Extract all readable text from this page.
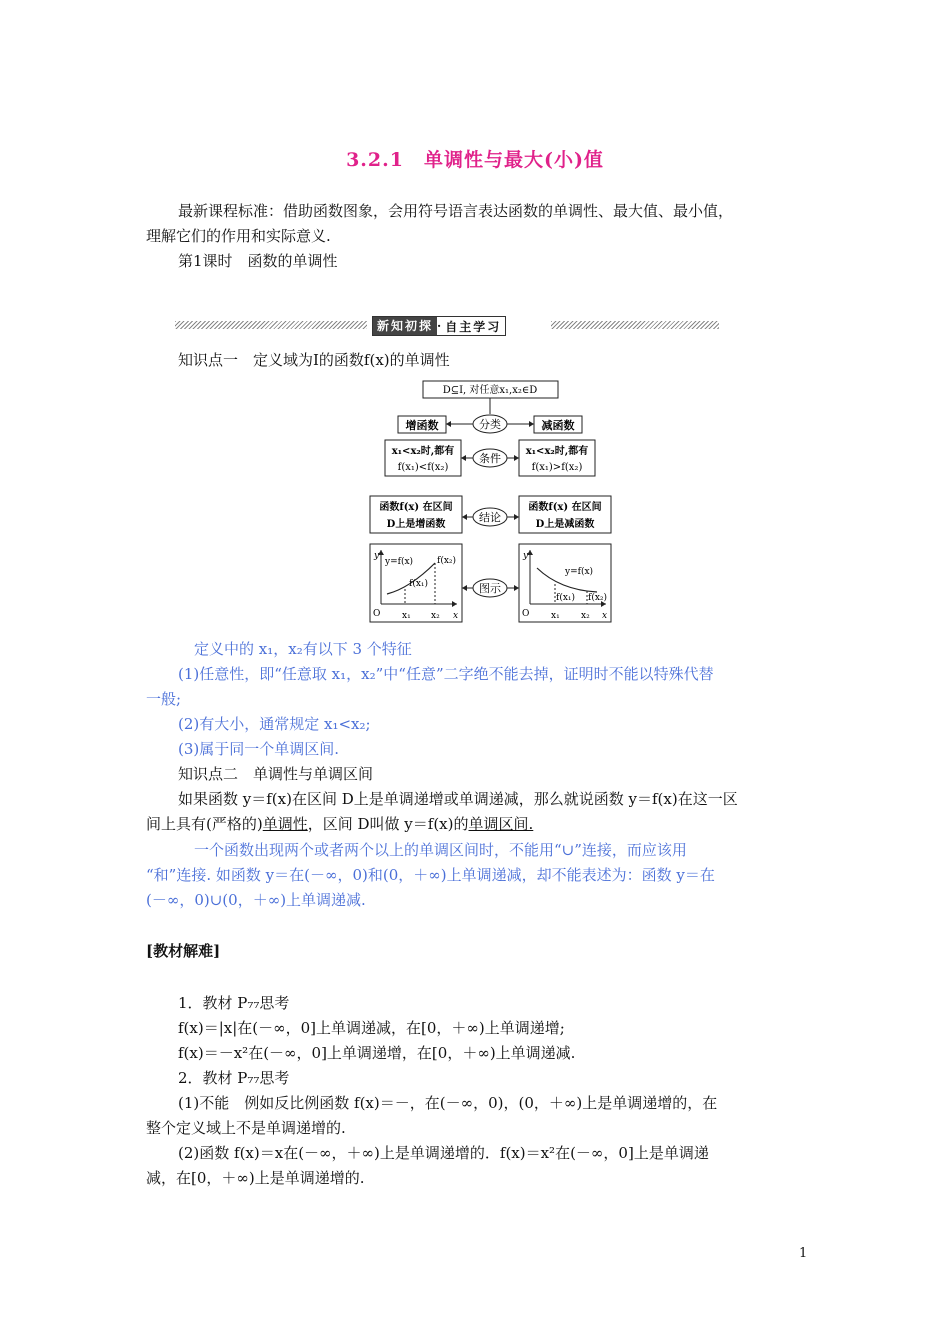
3.2.1　单调性与最大(小)值
最新课程标准：借助函数图象，会用符号语言表达函数的单调性、最大值、最小值，
理解它们的作用和实际意义.
第1课时　函数的单调性
新知初探 · 自主学习
知识点一　定义域为I的函数f(x)的单调性
D⊆I, 对任意x₁,x₂∈D
增函数	分类	减函数
x₁<x₂时,都有
f(x₁)<f(x₂)
条件
x₁<x₂时,都有
f(x₁)>f(x₂)
函数f(x) 在区间
D上是增函数
结论
函数f(x) 在区间
D上是减函数
y
x
O
y=f(x)	f(x₂)
f(x₁)
x₁ x₂
图示
y
x
O
y=f(x)
f(x₁) f(x₂)
x₁ x₂
定义中的 x₁，x₂有以下 3 个特征
(1)任意性，即“任意取 x₁，x₂”中“任意”二字绝不能去掉，证明时不能以特殊代替
一般;
(2)有大小，通常规定 x₁<x₂;
(3)属于同一个单调区间.
知识点二　单调性与单调区间
如果函数 y＝f(x)在区间 D上是单调递增或单调递减，那么就说函数 y＝f(x)在这一区
间上具有(严格的)单调性，区间 D叫做 y＝f(x)的单调区间.
一个函数出现两个或者两个以上的单调区间时，不能用“∪”连接，而应该用
“和”连接. 如函数 y＝在(－∞，0)和(0，＋∞)上单调递减，却不能表述为：函数 y＝在
(－∞，0)∪(0，＋∞)上单调递减.
[教材解难]
1．教材 P₇₇思考
f(x)＝|x|在(－∞，0]上单调递减，在[0，＋∞)上单调递增;
f(x)＝－x²在(－∞，0]上单调递增，在[0，＋∞)上单调递减.
2．教材 P₇₇思考
(1)不能　例如反比例函数 f(x)＝－，在(－∞，0)，(0，＋∞)上是单调递增的，在
整个定义域上不是单调递增的.
(2)函数 f(x)＝x在(－∞，＋∞)上是单调递增的．f(x)＝x²在(－∞，0]上是单调递
减，在[0，＋∞)上是单调递增的.
1
